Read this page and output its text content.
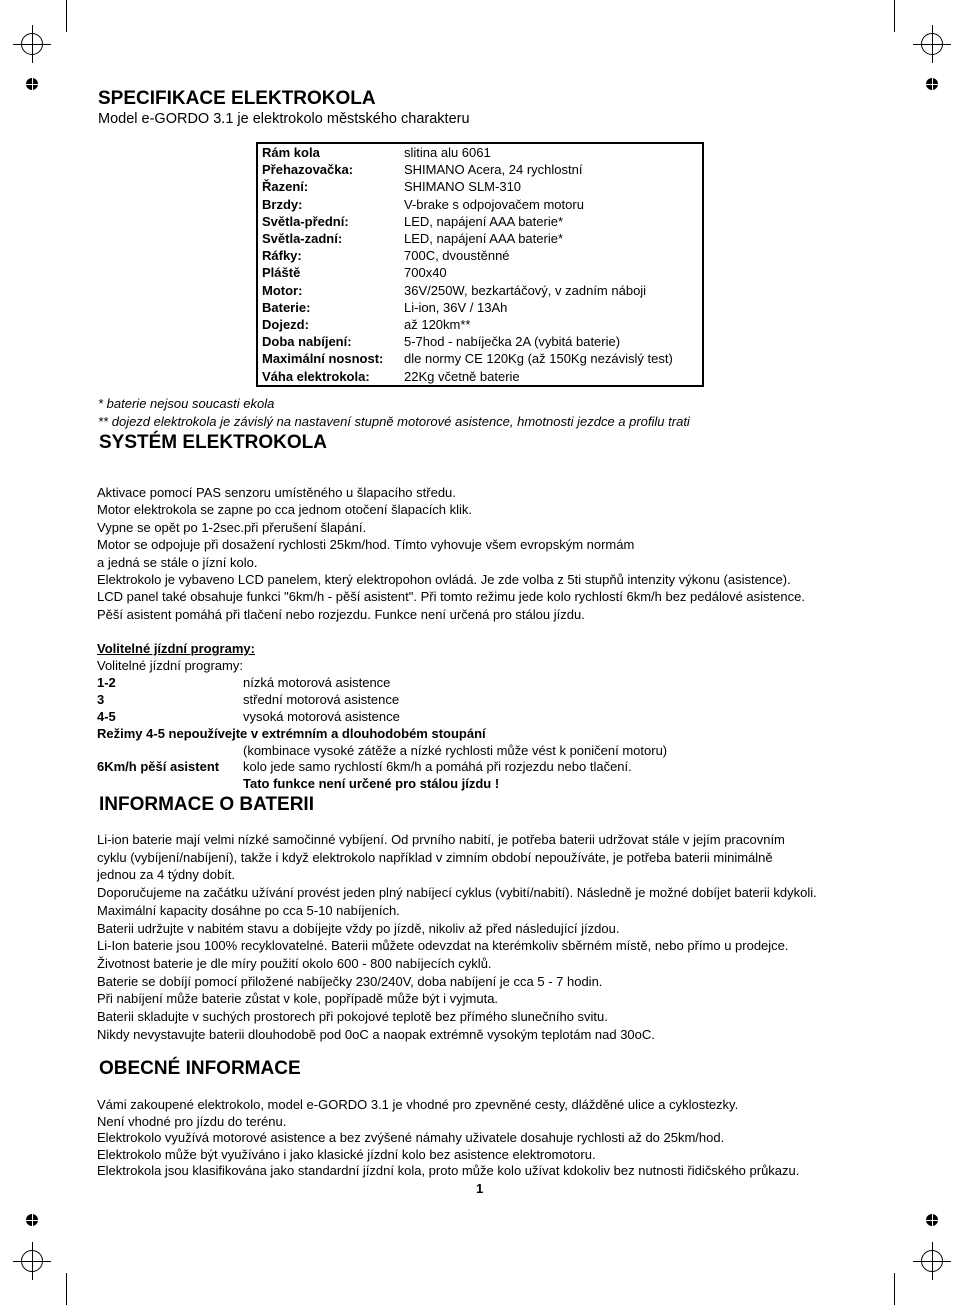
SPECIFIKACE ELEKTROKOLA
Model e-GORDO 3.1 je elektrokolo městského charakteru
Rám kola	slitina alu 6061
Přehazovačka:	SHIMANO Acera, 24 rychlostní
Řazení:	SHIMANO SLM-310
Brzdy:	V-brake s odpojovačem motoru
Světla-přední:	LED, napájení AAA baterie*
Světla-zadní:	LED, napájení AAA baterie*
Ráfky:	700C, dvoustěnné
Pláště	700x40
Motor:	36V/250W, bezkartáčový, v zadním náboji
Baterie:	Li-ion, 36V / 13Ah
Dojezd:	až 120km**
Doba nabíjení:	5-7hod - nabíječka 2A (vybitá baterie)
Maximální nosnost:	dle normy CE 120Kg (až 150Kg nezávislý test)
Váha elektrokola:	22Kg včetně baterie
* baterie nejsou soucasti ekola
** dojezd elektrokola je závislý na nastavení stupně motorové asistence, hmotnosti jezdce a profilu trati
SYSTÉM ELEKTROKOLA
Aktivace pomocí PAS senzoru umístěného u šlapacího středu.
Motor elektrokola se zapne po cca jednom otočení šlapacích klik.
Vypne se opět po 1-2sec.při přerušení šlapání.
Motor se odpojuje při dosažení rychlosti 25km/hod. Tímto vyhovuje všem evropským normám
a jedná se stále o jízní kolo.
Elektrokolo je vybaveno LCD panelem, který elektropohon ovládá. Je zde volba z 5ti stupňů intenzity výkonu (asistence).
LCD panel také obsahuje funkci "6km/h - pěší asistent". Při tomto režimu jede kolo rychlostí 6km/h bez pedálové asistence.
Pěší asistent pomáhá při tlačení nebo rozjezdu. Funkce není určená pro stálou jízdu.
Volitelné jízdní programy:
Volitelné jízdní programy:
1-2	nízká motorová asistence
3	střední motorová asistence
4-5	vysoká motorová asistence
Režimy 4-5 nepoužívejte v extrémním a dlouhodobém stoupání
(kombinace vysoké zátěže a nízké rychlosti může vést k poničení motoru)
6Km/h pěší asistent kolo jede samo rychlostí 6km/h a pomáhá při rozjezdu nebo tlačení.
Tato funkce není určené pro stálou jízdu !
INFORMACE O BATERII
Li-ion baterie mají velmi nízké samočinné vybíjení. Od prvního nabití, je potřeba baterii udržovat stále v jejím pracovním
cyklu (vybíjení/nabíjení), takže i když elektrokolo například v zimním období nepoužíváte, je potřeba baterii minimálně
jednou za 4 týdny dobít.
Doporučujeme na začátku užívání provést jeden plný nabíjecí cyklus (vybití/nabití). Následně je možné dobíjet baterii kdykoli.
Maximální kapacity dosáhne po cca 5-10 nabíjeních.
Baterii udržujte v nabitém stavu a dobíjejte vždy po jízdě, nikoliv až před následující jízdou.
Li-Ion baterie jsou 100% recyklovatelné. Baterii můžete odevzdat na kterémkoliv sběrném místě, nebo přímo u prodejce.
Životnost baterie je dle míry použití okolo 600 - 800 nabíjecích cyklů.
Baterie se dobíjí pomocí přiložené nabíječky 230/240V, doba nabíjení je cca 5 - 7 hodin.
Při nabíjení může baterie zůstat v kole, popřípadě může být i vyjmuta.
Baterii skladujte v suchých prostorech při pokojové teplotě bez přímého slunečního svitu.
Nikdy nevystavujte baterii dlouhodobě pod 0oC a naopak extrémně vysokým teplotám nad 30oC.
OBECNÉ INFORMACE
Vámi zakoupené elektrokolo, model e-GORDO 3.1 je vhodné pro zpevněné cesty, dlážděné ulice a cyklostezky.
Není vhodné pro jízdu do terénu.
Elektrokolo využívá motorové asistence a bez zvýšené námahy uživatele dosahuje rychlosti až do 25km/hod.
Elektrokolo může být využíváno i jako klasické jízdní kolo bez asistence elektromotoru.
Elektrokola jsou klasifikována jako standardní jízdní kola, proto může kolo užívat kdokoliv bez nutnosti řidičského průkazu.
1
